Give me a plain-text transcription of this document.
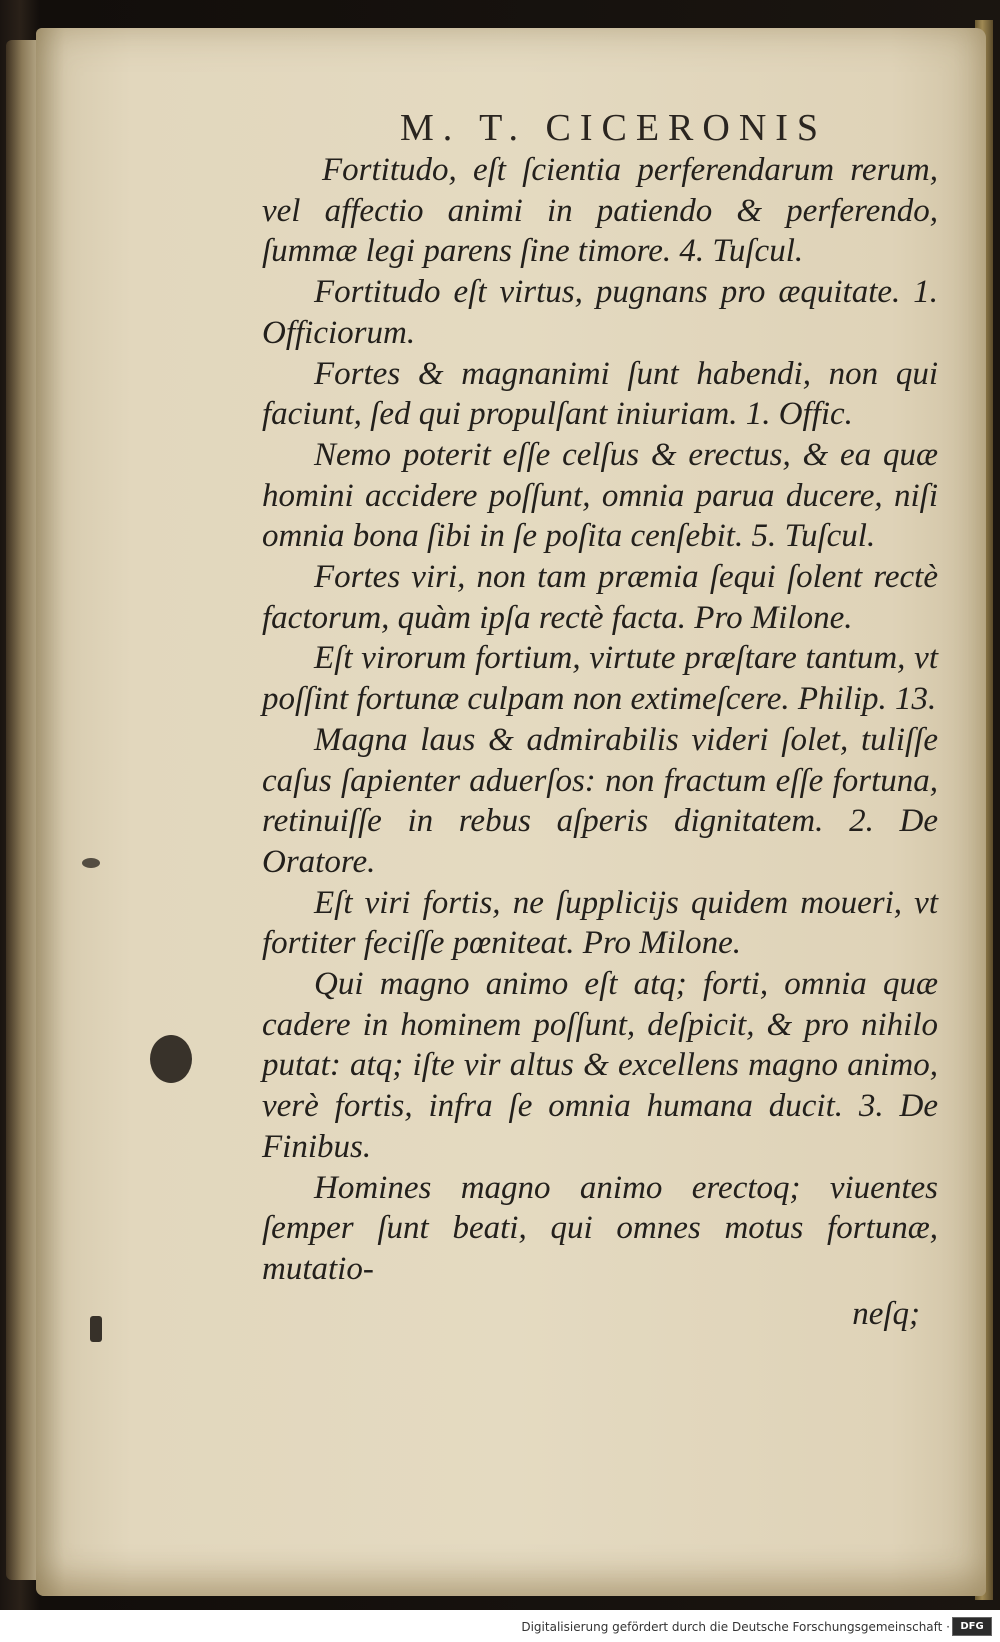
M. T. CICERONIS

Fortitudo, eſt ſcientia perferendarum rerum, vel affectio animi in patiendo & perferendo, ſummæ legi parens ſine timore. 4. Tuſcul.

Fortitudo eſt virtus, pugnans pro æquitate. 1. Officiorum.

Fortes & magnanimi ſunt habendi, non qui faciunt, ſed qui propulſant iniuriam. 1. Offic.

Nemo poterit eſſe celſus & erectus, & ea quæ homini accidere poſſunt, omnia parua ducere, niſi omnia bona ſibi in ſe poſita cenſebit. 5. Tuſcul.

Fortes viri, non tam præmia ſequi ſolent rectè factorum, quàm ipſa rectè facta. Pro Milone.

Eſt virorum fortium, virtute præſtare tantum, vt poſſint fortunæ culpam non extimeſcere. Philip. 13.

Magna laus & admirabilis videri ſolet, tuliſſe caſus ſapienter aduerſos: non fractum eſſe fortuna, retinuiſſe in rebus aſperis dignitatem. 2. De Oratore.

Eſt viri fortis, ne ſupplicijs quidem moueri, vt fortiter feciſſe pœniteat. Pro Milone.

Qui magno animo eſt atq; forti, omnia quæ cadere in hominem poſſunt, deſpicit, & pro nihilo putat: atq; iſte vir altus & excellens magno animo, verè fortis, infra ſe omnia humana ducit. 3. De Finibus.

Homines magno animo erectoq; viuentes ſemper ſunt beati, qui omnes motus fortunæ, mutatio-

neſq;
Digitalisierung gefördert durch die Deutsche Forschungsgemeinschaft ·	DFG
